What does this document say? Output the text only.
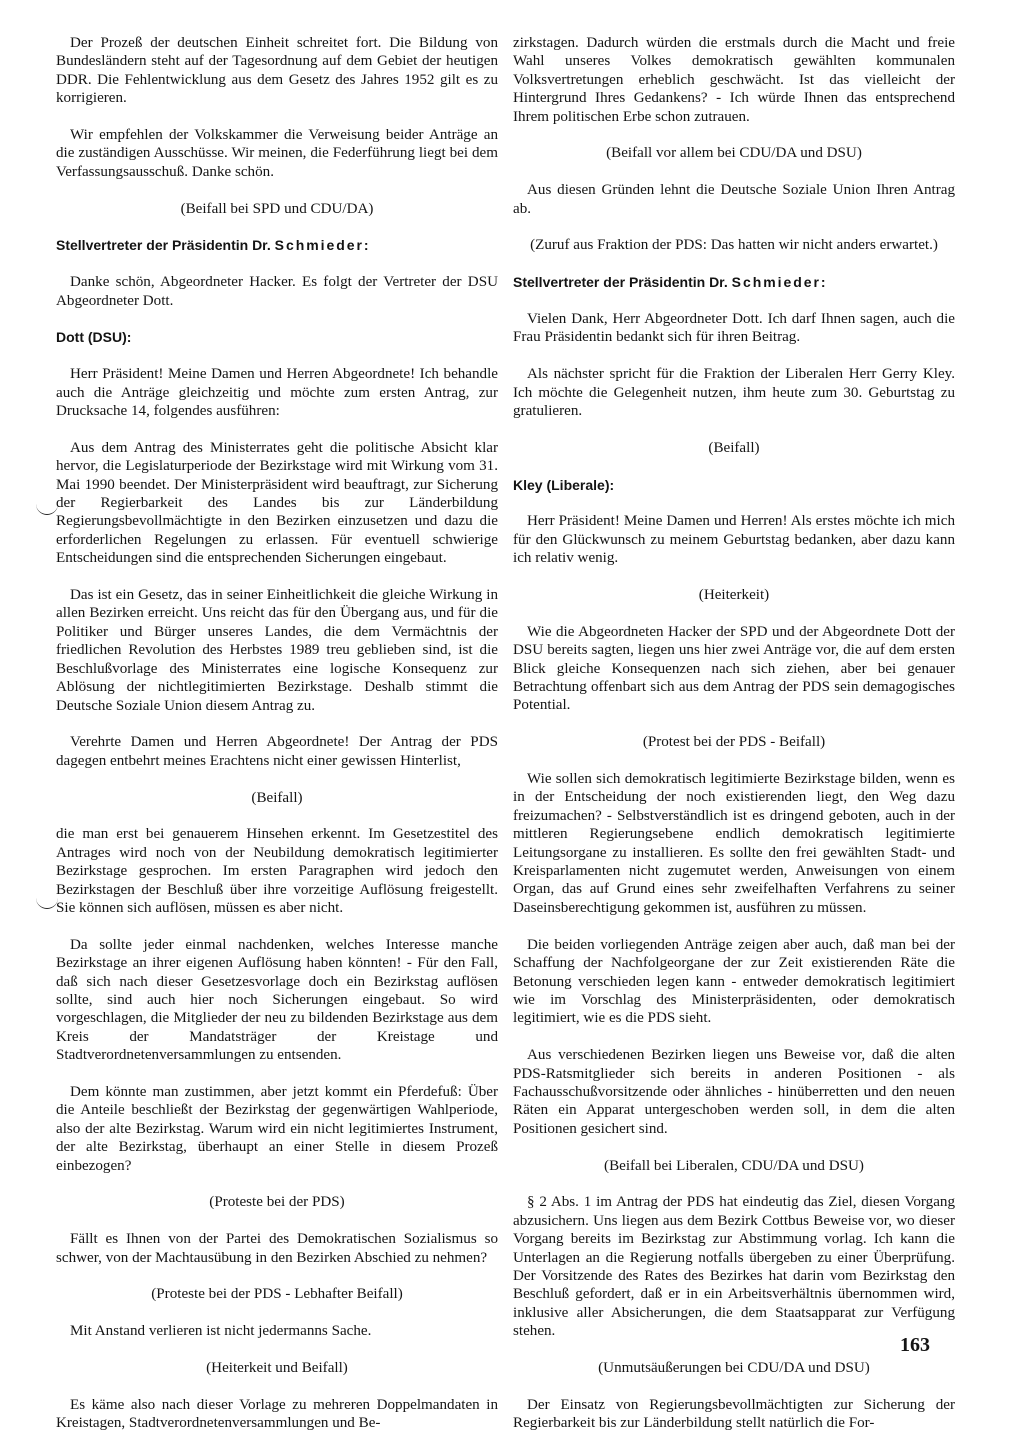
Der Prozeß der deutschen Einheit schreitet fort. Die Bildung von Bundesländern steht auf der Tagesordnung auf dem Gebiet der heutigen DDR. Die Fehlentwicklung aus dem Gesetz des Jahres 1952 gilt es zu korrigieren.

Wir empfehlen der Volkskammer die Verweisung beider Anträge an die zuständigen Ausschüsse. Wir meinen, die Federführung liegt bei dem Verfassungsausschuß. Danke schön.

(Beifall bei SPD und CDU/DA)

Stellvertreter der Präsidentin Dr. Schmieder:

Danke schön, Abgeordneter Hacker. Es folgt der Vertreter der DSU Abgeordneter Dott.

Dott (DSU):

Herr Präsident! Meine Damen und Herren Abgeordnete! Ich behandle auch die Anträge gleichzeitig und möchte zum ersten Antrag, zur Drucksache 14, folgendes ausführen:

Aus dem Antrag des Ministerrates geht die politische Absicht klar hervor, die Legislaturperiode der Bezirkstage wird mit Wirkung vom 31. Mai 1990 beendet. Der Ministerpräsident wird beauftragt, zur Sicherung der Regierbarkeit des Landes bis zur Länderbildung Regierungsbevollmächtigte in den Bezirken einzusetzen und dazu die erforderlichen Regelungen zu erlassen. Für eventuell schwierige Entscheidungen sind die entsprechenden Sicherungen eingebaut.

Das ist ein Gesetz, das in seiner Einheitlichkeit die gleiche Wirkung in allen Bezirken erreicht. Uns reicht das für den Übergang aus, und für die Politiker und Bürger unseres Landes, die dem Vermächtnis der friedlichen Revolution des Herbstes 1989 treu geblieben sind, ist die Beschlußvorlage des Ministerrates eine logische Konsequenz zur Ablösung der nichtlegitimierten Bezirkstage. Deshalb stimmt die Deutsche Soziale Union diesem Antrag zu.

Verehrte Damen und Herren Abgeordnete! Der Antrag der PDS dagegen entbehrt meines Erachtens nicht einer gewissen Hinterlist,

(Beifall)

die man erst bei genauerem Hinsehen erkennt. Im Gesetzestitel des Antrages wird noch von der Neubildung demokratisch legitimierter Bezirkstage gesprochen. Im ersten Paragraphen wird jedoch den Bezirkstagen der Beschluß über ihre vorzeitige Auflösung freigestellt. Sie können sich auflösen, müssen es aber nicht.

Da sollte jeder einmal nachdenken, welches Interesse manche Bezirkstage an ihrer eigenen Auflösung haben könnten! - Für den Fall, daß sich nach dieser Gesetzesvorlage doch ein Bezirkstag auflösen sollte, sind auch hier noch Sicherungen eingebaut. So wird vorgeschlagen, die Mitglieder der neu zu bildenden Bezirkstage aus dem Kreis der Mandatsträger der Kreistage und Stadtverordnetenversammlungen zu entsenden.

Dem könnte man zustimmen, aber jetzt kommt ein Pferdefuß: Über die Anteile beschließt der Bezirkstag der gegenwärtigen Wahlperiode, also der alte Bezirkstag. Warum wird ein nicht legitimiertes Instrument, der alte Bezirkstag, überhaupt an einer Stelle in diesem Prozeß einbezogen?

(Proteste bei der PDS)

Fällt es Ihnen von der Partei des Demokratischen Sozialismus so schwer, von der Machtausübung in den Bezirken Abschied zu nehmen?

(Proteste bei der PDS - Lebhafter Beifall)

Mit Anstand verlieren ist nicht jedermanns Sache.

(Heiterkeit und Beifall)

Es käme also nach dieser Vorlage zu mehreren Doppelmandaten in Kreistagen, Stadtverordnetenversammlungen und Be-

zirkstagen. Dadurch würden die erstmals durch die Macht und freie Wahl unseres Volkes demokratisch gewählten kommunalen Volksvertretungen erheblich geschwächt. Ist das vielleicht der Hintergrund Ihres Gedankens? - Ich würde Ihnen das entsprechend Ihrem politischen Erbe schon zutrauen.

(Beifall vor allem bei CDU/DA und DSU)

Aus diesen Gründen lehnt die Deutsche Soziale Union Ihren Antrag ab.

(Zuruf aus Fraktion der PDS: Das hatten wir nicht anders erwartet.)

Stellvertreter der Präsidentin Dr. Schmieder:

Vielen Dank, Herr Abgeordneter Dott. Ich darf Ihnen sagen, auch die Frau Präsidentin bedankt sich für ihren Beitrag.

Als nächster spricht für die Fraktion der Liberalen Herr Gerry Kley. Ich möchte die Gelegenheit nutzen, ihm heute zum 30. Geburtstag zu gratulieren.

(Beifall)

Kley (Liberale):

Herr Präsident! Meine Damen und Herren! Als erstes möchte ich mich für den Glückwunsch zu meinem Geburtstag bedanken, aber dazu kann ich relativ wenig.

(Heiterkeit)

Wie die Abgeordneten Hacker der SPD und der Abgeordnete Dott der DSU bereits sagten, liegen uns hier zwei Anträge vor, die auf dem ersten Blick gleiche Konsequenzen nach sich ziehen, aber bei genauer Betrachtung offenbart sich aus dem Antrag der PDS sein demagogisches Potential.

(Protest bei der PDS - Beifall)

Wie sollen sich demokratisch legitimierte Bezirkstage bilden, wenn es in der Entscheidung der noch existierenden liegt, den Weg dazu freizumachen? - Selbstverständlich ist es dringend geboten, auch in der mittleren Regierungsebene endlich demokratisch legitimierte Leitungsorgane zu installieren. Es sollte den frei gewählten Stadt- und Kreisparlamenten nicht zugemutet werden, Anweisungen von einem Organ, das auf Grund eines sehr zweifelhaften Verfahrens zu seiner Daseinsberechtigung gekommen ist, ausführen zu müssen.

Die beiden vorliegenden Anträge zeigen aber auch, daß man bei der Schaffung der Nachfolgeorgane der zur Zeit existierenden Räte die Betonung verschieden legen kann - entweder demokratisch legitimiert wie im Vorschlag des Ministerpräsidenten, oder demokratisch legitimiert, wie es die PDS sieht.

Aus verschiedenen Bezirken liegen uns Beweise vor, daß die alten PDS-Ratsmitglieder sich bereits in anderen Positionen - als Fachausschußvorsitzende oder ähnliches - hinüberretten und den neuen Räten ein Apparat untergeschoben werden soll, in dem die alten Positionen gesichert sind.

(Beifall bei Liberalen, CDU/DA und DSU)

§ 2 Abs. 1 im Antrag der PDS hat eindeutig das Ziel, diesen Vorgang abzusichern. Uns liegen aus dem Bezirk Cottbus Beweise vor, wo dieser Vorgang bereits im Bezirkstag zur Abstimmung vorlag. Ich kann die Unterlagen an die Regierung notfalls übergeben zu einer Überprüfung. Der Vorsitzende des Rates des Bezirkes hat darin vom Bezirkstag den Beschluß gefordert, daß er in ein Arbeitsverhältnis übernommen wird, inklusive aller Absicherungen, die dem Staatsapparat zur Verfügung stehen.

(Unmutsäußerungen bei CDU/DA und DSU)

Der Einsatz von Regierungsbevollmächtigten zur Sicherung der Regierbarkeit bis zur Länderbildung stellt natürlich die For-

163
